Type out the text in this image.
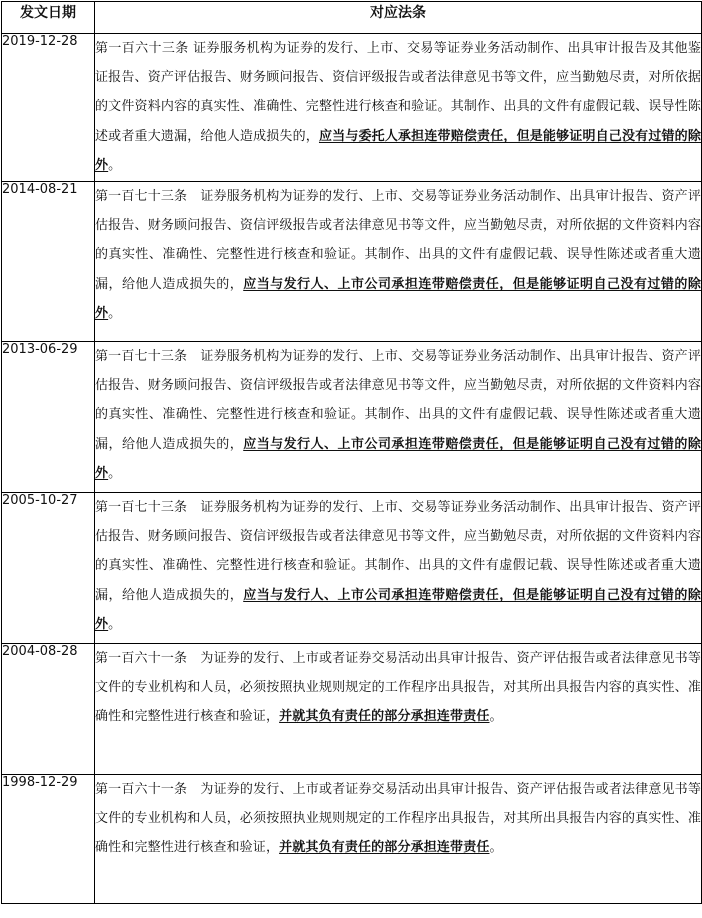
发文日期	对应法条
2019-12-28	第一百六十三条 证券服务机构为证券的发行、上市、交易等证券业务活动制作、出具审计报告及其他鉴证报告、资产评估报告、财务顾问报告、资信评级报告或者法律意见书等文件，应当勤勉尽责，对所依据的文件资料内容的真实性、准确性、完整性进行核查和验证。其制作、出具的文件有虚假记载、误导性陈述或者重大遗漏，给他人造成损失的，应当与委托人承担连带赔偿责任，但是能够证明自己没有过错的除外。
2014-08-21	第一百七十三条　证券服务机构为证券的发行、上市、交易等证券业务活动制作、出具审计报告、资产评估报告、财务顾问报告、资信评级报告或者法律意见书等文件，应当勤勉尽责，对所依据的文件资料内容的真实性、准确性、完整性进行核查和验证。其制作、出具的文件有虚假记载、误导性陈述或者重大遗漏，给他人造成损失的，应当与发行人、上市公司承担连带赔偿责任，但是能够证明自己没有过错的除外。
2013-06-29	第一百七十三条　证券服务机构为证券的发行、上市、交易等证券业务活动制作、出具审计报告、资产评估报告、财务顾问报告、资信评级报告或者法律意见书等文件，应当勤勉尽责，对所依据的文件资料内容的真实性、准确性、完整性进行核查和验证。其制作、出具的文件有虚假记载、误导性陈述或者重大遗漏，给他人造成损失的，应当与发行人、上市公司承担连带赔偿责任，但是能够证明自己没有过错的除外。
2005-10-27	第一百七十三条　证券服务机构为证券的发行、上市、交易等证券业务活动制作、出具审计报告、资产评估报告、财务顾问报告、资信评级报告或者法律意见书等文件，应当勤勉尽责，对所依据的文件资料内容的真实性、准确性、完整性进行核查和验证。其制作、出具的文件有虚假记载、误导性陈述或者重大遗漏，给他人造成损失的，应当与发行人、上市公司承担连带赔偿责任，但是能够证明自己没有过错的除外。
2004-08-28	第一百六十一条　为证券的发行、上市或者证券交易活动出具审计报告、资产评估报告或者法律意见书等文件的专业机构和人员，必须按照执业规则规定的工作程序出具报告，对其所出具报告内容的真实性、准确性和完整性进行核查和验证，并就其负有责任的部分承担连带责任。
1998-12-29	第一百六十一条　为证券的发行、上市或者证券交易活动出具审计报告、资产评估报告或者法律意见书等文件的专业机构和人员，必须按照执业规则规定的工作程序出具报告，对其所出具报告内容的真实性、准确性和完整性进行核查和验证，并就其负有责任的部分承担连带责任。
